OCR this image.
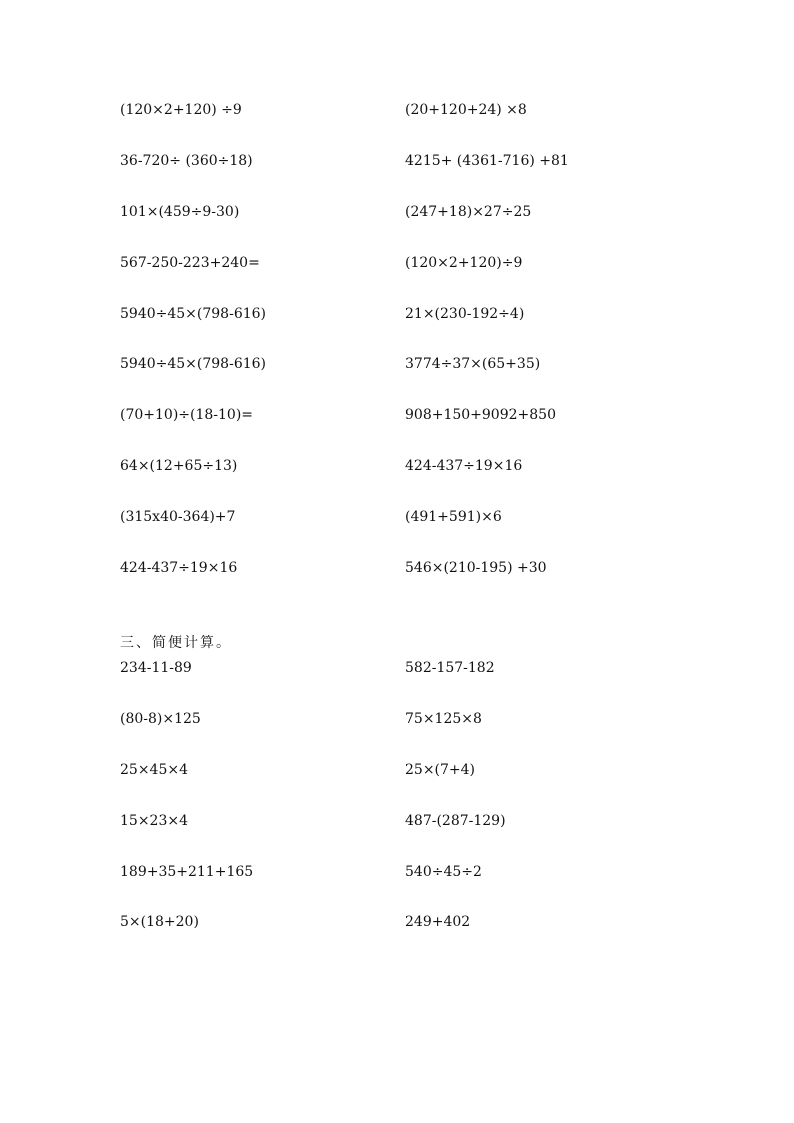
(120×2+120) ÷9	(20+120+24) ×8
36-720÷ (360÷18)	4215+ (4361-716) +81
101×(459÷9-30)	(247+18)×27÷25
567-250-223+240=	(120×2+120)÷9
5940÷45×(798-616)	21×(230-192÷4)
5940÷45×(798-616)	3774÷37×(65+35)
(70+10)÷(18-10)=	908+150+9092+850
64×(12+65÷13)	424-437÷19×16
(315x40-364)+7	(491+591)×6
424-437÷19×16	546×(210-195) +30
三、简便计算。
234-11-89	582-157-182
(80-8)×125	75×125×8
25×45×4	25×(7+4)
15×23×4	487-(287-129)
189+35+211+165	540÷45÷2
5×(18+20)	249+402
